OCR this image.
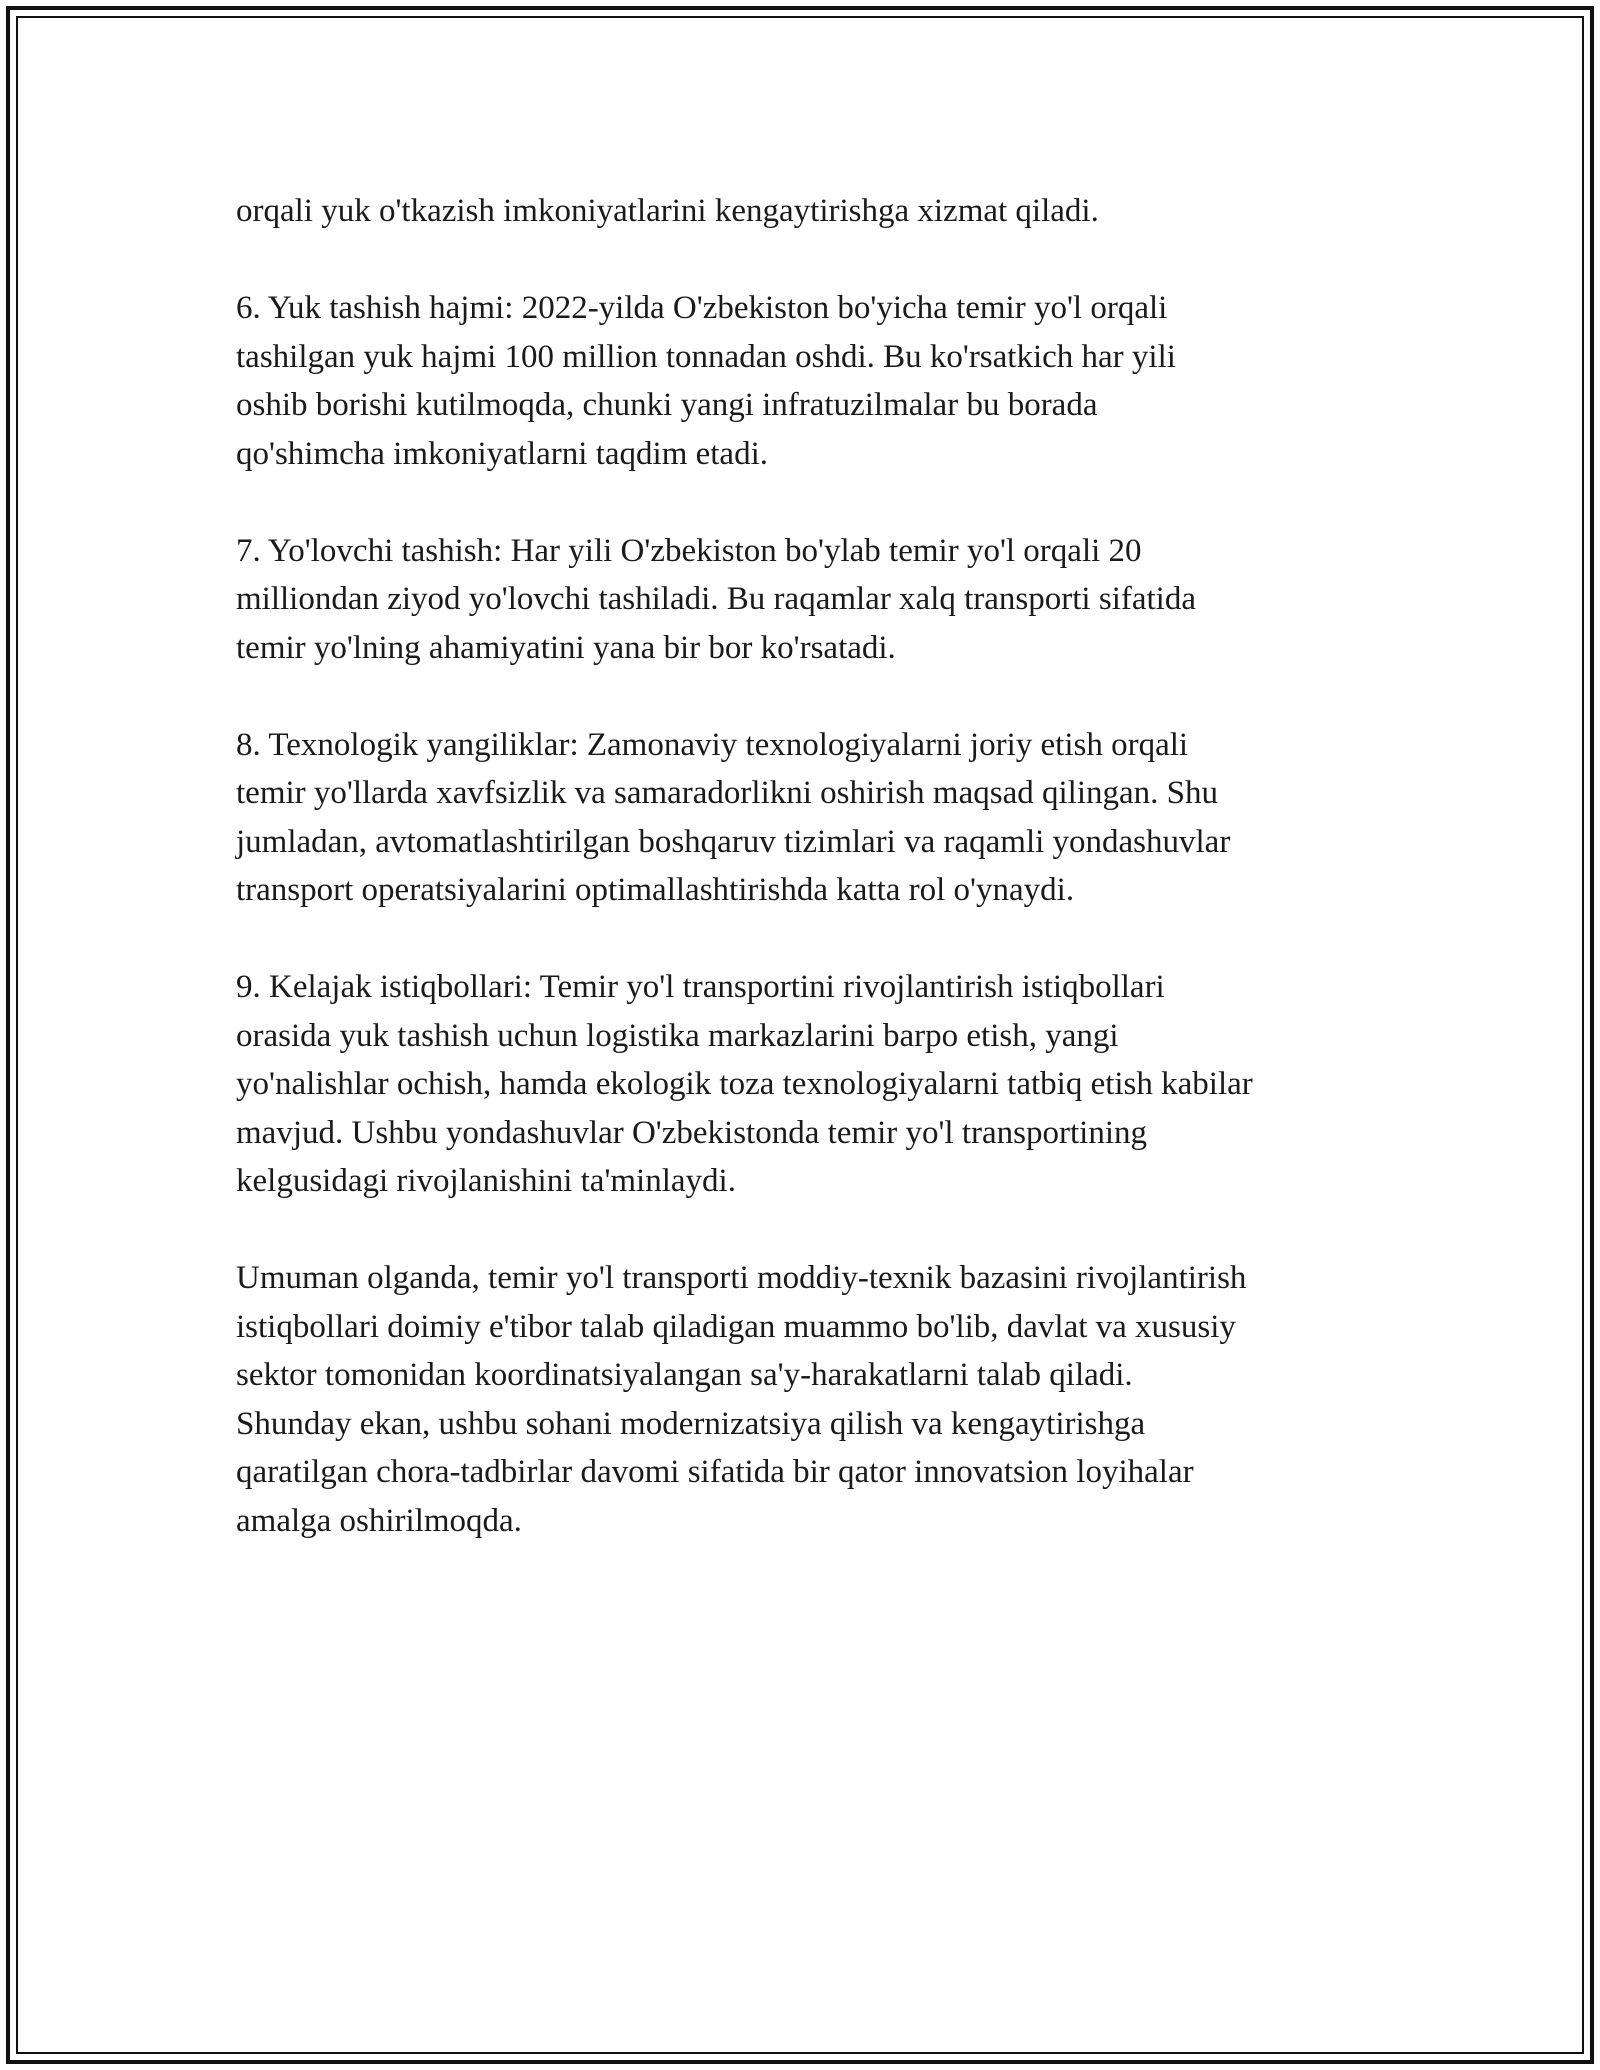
orqali yuk o'tkazish imkoniyatlarini kengaytirishga xizmat qiladi.
6. Yuk tashish hajmi: 2022-yilda O'zbekiston bo'yicha temir yo'l orqali
tashilgan yuk hajmi 100 million tonnadan oshdi. Bu ko'rsatkich har yili
oshib borishi kutilmoqda, chunki yangi infratuzilmalar bu borada
qo'shimcha imkoniyatlarni taqdim etadi.
7. Yo'lovchi tashish: Har yili O'zbekiston bo'ylab temir yo'l orqali 20
milliondan ziyod yo'lovchi tashiladi. Bu raqamlar xalq transporti sifatida
temir yo'lning ahamiyatini yana bir bor ko'rsatadi.
8. Texnologik yangiliklar: Zamonaviy texnologiyalarni joriy etish orqali
temir yo'llarda xavfsizlik va samaradorlikni oshirish maqsad qilingan. Shu
jumladan, avtomatlashtirilgan boshqaruv tizimlari va raqamli yondashuvlar
transport operatsiyalarini optimallashtirishda katta rol o'ynaydi.
9. Kelajak istiqbollari: Temir yo'l transportini rivojlantirish istiqbollari
orasida yuk tashish uchun logistika markazlarini barpo etish, yangi
yo'nalishlar ochish, hamda ekologik toza texnologiyalarni tatbiq etish kabilar
mavjud. Ushbu yondashuvlar O'zbekistonda temir yo'l transportining
kelgusidagi rivojlanishini ta'minlaydi.
Umuman olganda, temir yo'l transporti moddiy-texnik bazasini rivojlantirish
istiqbollari doimiy e'tibor talab qiladigan muammo bo'lib, davlat va xususiy
sektor tomonidan koordinatsiyalangan sa'y-harakatlarni talab qiladi.
Shunday ekan, ushbu sohani modernizatsiya qilish va kengaytirishga
qaratilgan chora-tadbirlar davomi sifatida bir qator innovatsion loyihalar
amalga oshirilmoqda.
